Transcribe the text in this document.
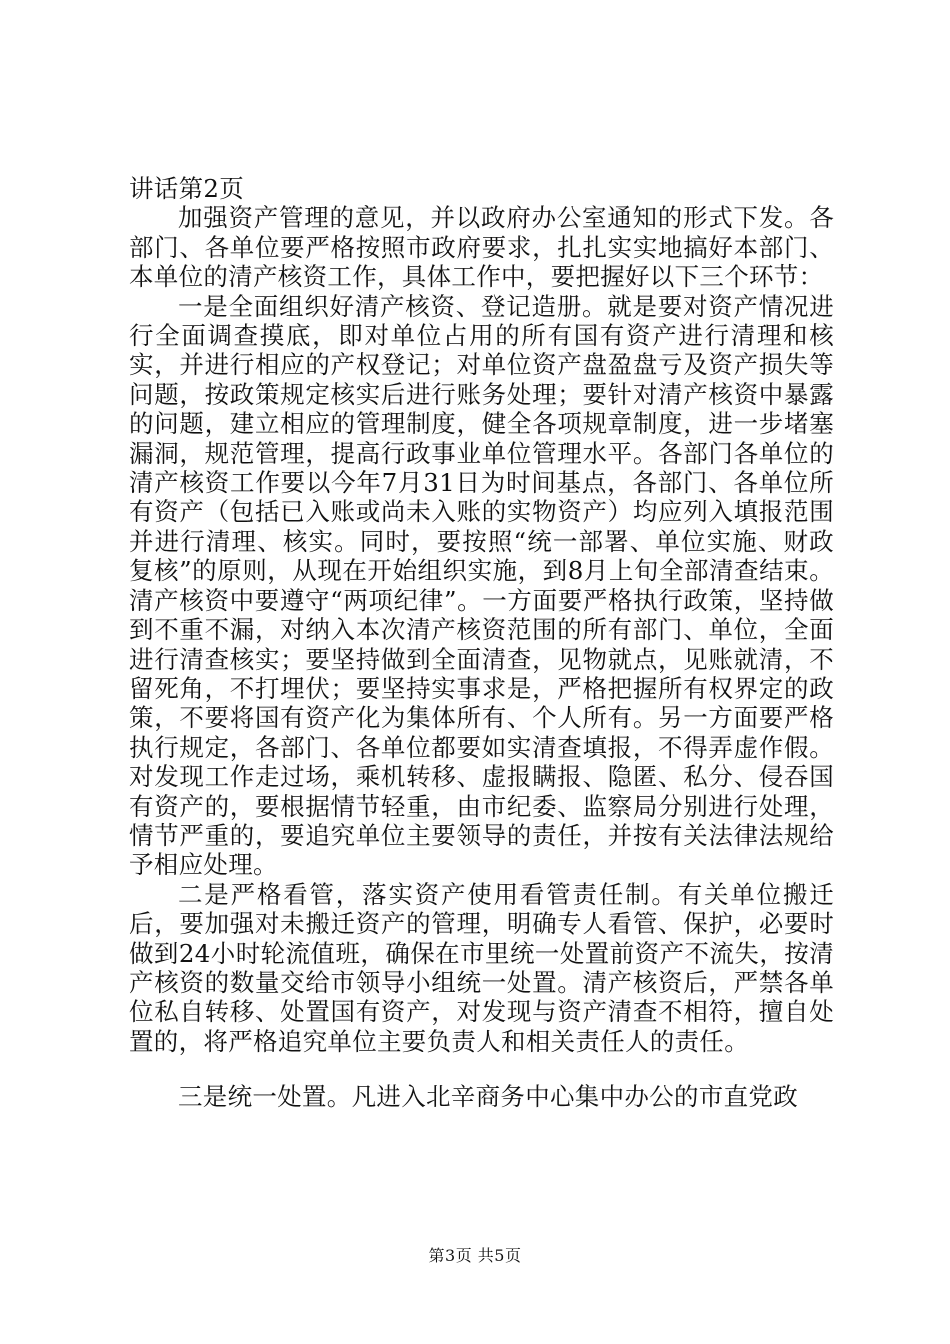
讲话第2页

加强资产管理的意见，并以政府办公室通知的形式下发。各部门、各单位要严格按照市政府要求，扎扎实实地搞好本部门、本单位的清产核资工作，具体工作中，要把握好以下三个环节：

一是全面组织好清产核资、登记造册。就是要对资产情况进行全面调查摸底，即对单位占用的所有国有资产进行清理和核实，并进行相应的产权登记；对单位资产盘盈盘亏及资产损失等问题，按政策规定核实后进行账务处理；要针对清产核资中暴露的问题，建立相应的管理制度，健全各项规章制度，进一步堵塞漏洞，规范管理，提高行政事业单位管理水平。各部门各单位的清产核资工作要以今年7月31日为时间基点，各部门、各单位所有资产（包括已入账或尚未入账的实物资产）均应列入填报范围并进行清理、核实。同时，要按照“统一部署、单位实施、财政复核”的原则，从现在开始组织实施，到8月上旬全部清查结束。清产核资中要遵守“两项纪律”。一方面要严格执行政策，坚持做到不重不漏，对纳入本次清产核资范围的所有部门、单位，全面进行清查核实；要坚持做到全面清查，见物就点，见账就清，不留死角，不打埋伏；要坚持实事求是，严格把握所有权界定的政策，不要将国有资产化为集体所有、个人所有。另一方面要严格执行规定，各部门、各单位都要如实清查填报，不得弄虚作假。对发现工作走过场，乘机转移、虚报瞒报、隐匿、私分、侵吞国有资产的，要根据情节轻重，由市纪委、监察局分别进行处理，情节严重的，要追究单位主要领导的责任，并按有关法律法规给予相应处理。

二是严格看管，落实资产使用看管责任制。有关单位搬迁后，要加强对未搬迁资产的管理，明确专人看管、保护，必要时做到24小时轮流值班，确保在市里统一处置前资产不流失，按清产核资的数量交给市领导小组统一处置。清产核资后，严禁各单位私自转移、处置国有资产，对发现与资产清查不相符，擅自处置的，将严格追究单位主要负责人和相关责任人的责任。

三是统一处置。凡进入北辛商务中心集中办公的市直党政

第3页 共5页
